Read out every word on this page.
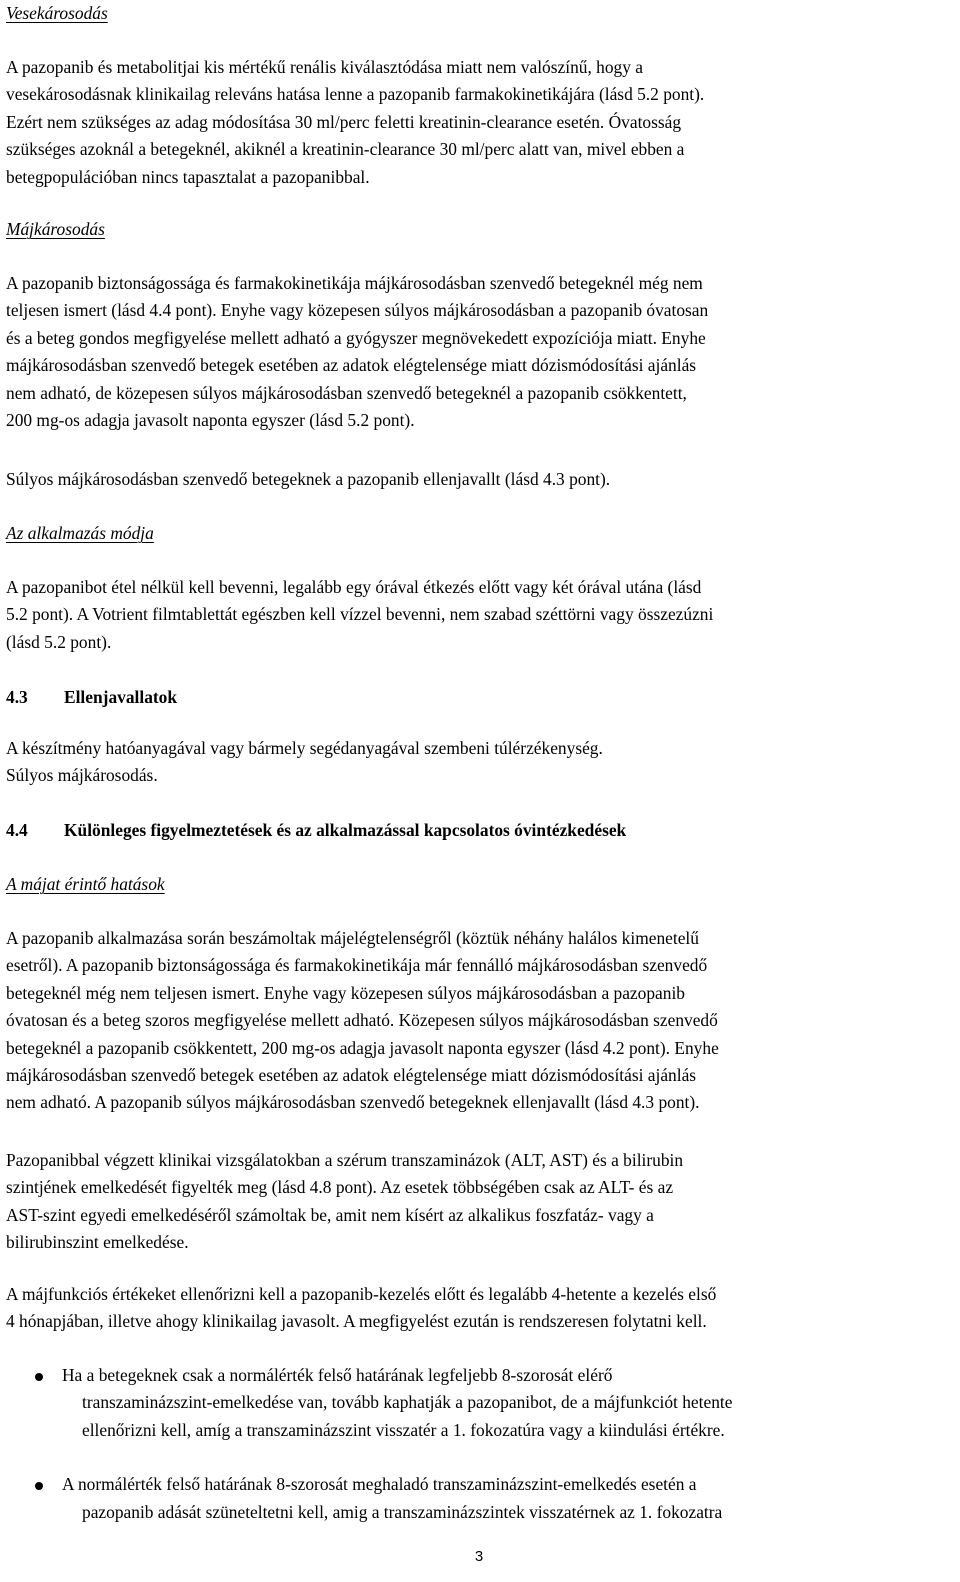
Vesekárosodás
A pazopanib és metabolitjai kis mértékű renális kiválasztódása miatt nem valószínű, hogy a
vesekárosodásnak klinikailag releváns hatása lenne a pazopanib farmakokinetikájára (lásd 5.2 pont).
Ezért nem szükséges az adag módosítása 30 ml/perc feletti kreatinin-clearance esetén. Óvatosság
szükséges azoknál a betegeknél, akiknél a kreatinin-clearance 30 ml/perc alatt van, mivel ebben a
betegpopulációban nincs tapasztalat a pazopanibbal.
Májkárosodás
A pazopanib biztonságossága és farmakokinetikája májkárosodásban szenvedő betegeknél még nem
teljesen ismert (lásd 4.4 pont). Enyhe vagy közepesen súlyos májkárosodásban a pazopanib óvatosan
és a beteg gondos megfigyelése mellett adható a gyógyszer megnövekedett expozíciója miatt. Enyhe
májkárosodásban szenvedő betegek esetében az adatok elégtelensége miatt dózismódosítási ajánlás
nem adható, de közepesen súlyos májkárosodásban szenvedő betegeknél a pazopanib csökkentett,
200 mg-os adagja javasolt naponta egyszer (lásd 5.2 pont).
Súlyos májkárosodásban szenvedő betegeknek a pazopanib ellenjavallt (lásd 4.3 pont).
Az alkalmazás módja
A pazopanibot étel nélkül kell bevenni, legalább egy órával étkezés előtt vagy két órával utána (lásd
5.2 pont). A Votrient filmtablettát egészben kell vízzel bevenni, nem szabad széttörni vagy összezúzni
(lásd 5.2 pont).
4.3 Ellenjavallatok
A készítmény hatóanyagával vagy bármely segédanyagával szembeni túlérzékenység.
Súlyos májkárosodás.
4.4 Különleges figyelmeztetések és az alkalmazással kapcsolatos óvintézkedések
A májat érintő hatások
A pazopanib alkalmazása során beszámoltak májelégtelenségről (köztük néhány halálos kimenetelű
esetről). A pazopanib biztonságossága és farmakokinetikája már fennálló májkárosodásban szenvedő
betegeknél még nem teljesen ismert. Enyhe vagy közepesen súlyos májkárosodásban a pazopanib
óvatosan és a beteg szoros megfigyelése mellett adható. Közepesen súlyos májkárosodásban szenvedő
betegeknél a pazopanib csökkentett, 200 mg-os adagja javasolt naponta egyszer (lásd 4.2 pont). Enyhe
májkárosodásban szenvedő betegek esetében az adatok elégtelensége miatt dózismódosítási ajánlás
nem adható. A pazopanib súlyos májkárosodásban szenvedő betegeknek ellenjavallt (lásd 4.3 pont).
Pazopanibbal végzett klinikai vizsgálatokban a szérum transzaminázok (ALT, AST) és a bilirubin
szintjének emelkedését figyelték meg (lásd 4.8 pont). Az esetek többségében csak az ALT- és az
AST-szint egyedi emelkedéséről számoltak be, amit nem kísért az alkalikus foszfatáz- vagy a
bilirubinszint emelkedése.
A májfunkciós értékeket ellenőrizni kell a pazopanib-kezelés előtt és legalább 4-hetente a kezelés első
4 hónapjában, illetve ahogy klinikailag javasolt. A megfigyelést ezután is rendszeresen folytatni kell.
Ha a betegeknek csak a normálérték felső határának legfeljebb 8-szorosát elérő
transzaminázszint-emelkedése van, tovább kaphatják a pazopanibot, de a májfunkciót hetente
ellenőrizni kell, amíg a transzaminázszint visszatér a 1. fokozatúra vagy a kiindulási értékre.
A normálérték felső határának 8-szorosát meghaladó transzaminázszint-emelkedés esetén a
pazopanib adását szüneteltetni kell, amig a transzaminázszintek visszatérnek az 1. fokozatra
3
